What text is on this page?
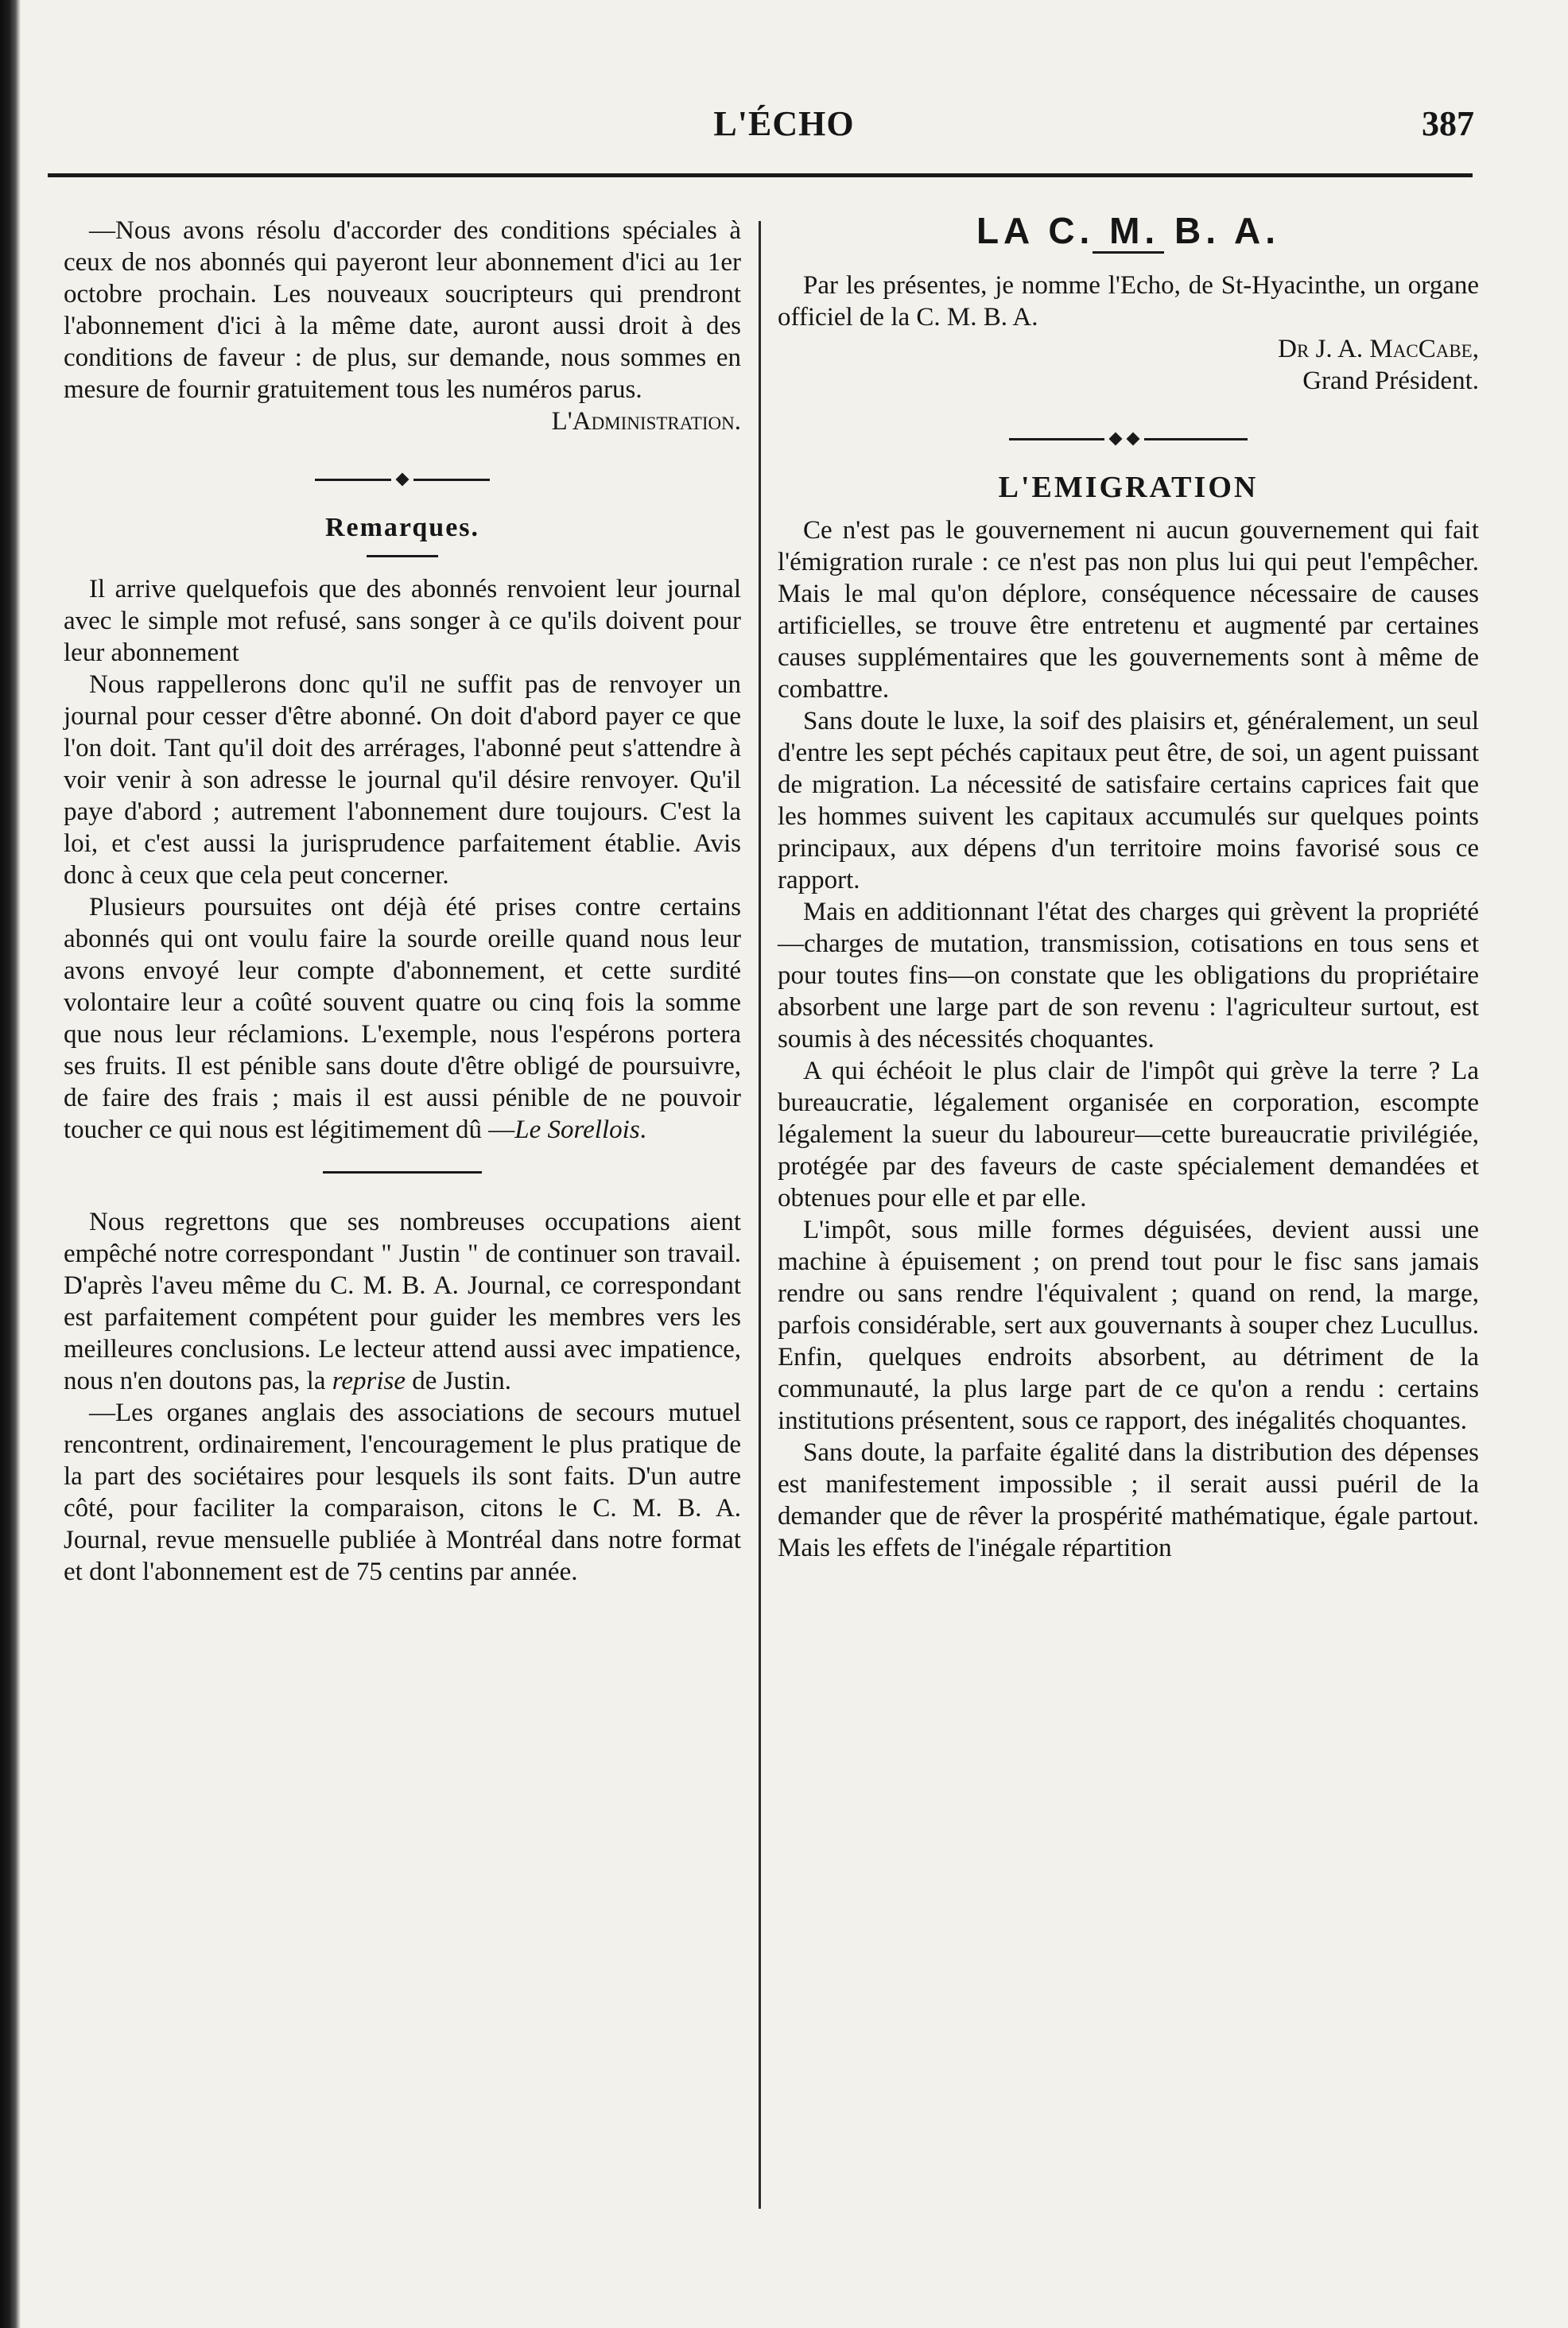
L'ÉCHO	387

—Nous avons résolu d'accorder des conditions spéciales à ceux de nos abonnés qui payeront leur abonnement d'ici au 1er octobre prochain. Les nouveaux soucripteurs qui prendront l'abonnement d'ici à la même date, auront aussi droit à des conditions de faveur : de plus, sur demande, nous sommes en mesure de fournir gratuitement tous les numéros parus.

L'Administration.

Remarques.

Il arrive quelquefois que des abonnés renvoient leur journal avec le simple mot refusé, sans songer à ce qu'ils doivent pour leur abonnement

Nous rappellerons donc qu'il ne suffit pas de renvoyer un journal pour cesser d'être abonné. On doit d'abord payer ce que l'on doit. Tant qu'il doit des arrérages, l'abonné peut s'attendre à voir venir à son adresse le journal qu'il désire renvoyer. Qu'il paye d'abord ; autrement l'abonnement dure toujours. C'est la loi, et c'est aussi la jurisprudence parfaitement établie. Avis donc à ceux que cela peut concerner.

Plusieurs poursuites ont déjà été prises contre certains abonnés qui ont voulu faire la sourde oreille quand nous leur avons envoyé leur compte d'abonnement, et cette surdité volontaire leur a coûté souvent quatre ou cinq fois la somme que nous leur réclamions. L'exemple, nous l'espérons portera ses fruits. Il est pénible sans doute d'être obligé de poursuivre, de faire des frais ; mais il est aussi pénible de ne pouvoir toucher ce qui nous est légitimement dû —Le Sorellois.

Nous regrettons que ses nombreuses occupations aient empêché notre correspondant " Justin " de continuer son travail. D'après l'aveu même du C. M. B. A. Journal, ce correspondant est parfaitement compétent pour guider les membres vers les meilleures conclusions. Le lecteur attend aussi avec impatience, nous n'en doutons pas, la reprise de Justin.

—Les organes anglais des associations de secours mutuel rencontrent, ordinairement, l'encouragement le plus pratique de la part des sociétaires pour lesquels ils sont faits. D'un autre côté, pour faciliter la comparaison, citons le C. M. B. A. Journal, revue mensuelle publiée à Montréal dans notre format et dont l'abonnement est de 75 centins par année.

LA C. M. B. A.

Par les présentes, je nomme l'Echo, de St-Hyacinthe, un organe officiel de la C. M. B. A.

Dr J. A. MacCabe,

Grand Président.

L'EMIGRATION

Ce n'est pas le gouvernement ni aucun gouvernement qui fait l'émigration rurale : ce n'est pas non plus lui qui peut l'empêcher. Mais le mal qu'on déplore, conséquence nécessaire de causes artificielles, se trouve être entretenu et augmenté par certaines causes supplémentaires que les gouvernements sont à même de combattre.

Sans doute le luxe, la soif des plaisirs et, généralement, un seul d'entre les sept péchés capitaux peut être, de soi, un agent puissant de migration. La nécessité de satisfaire certains caprices fait que les hommes suivent les capitaux accumulés sur quelques points principaux, aux dépens d'un territoire moins favorisé sous ce rapport.

Mais en additionnant l'état des charges qui grèvent la propriété—charges de mutation, transmission, cotisations en tous sens et pour toutes fins—on constate que les obligations du propriétaire absorbent une large part de son revenu : l'agriculteur surtout, est soumis à des nécessités choquantes.

A qui échéoit le plus clair de l'impôt qui grève la terre ? La bureaucratie, légalement organisée en corporation, escompte légalement la sueur du laboureur—cette bureaucratie privilégiée, protégée par des faveurs de caste spécialement demandées et obtenues pour elle et par elle.

L'impôt, sous mille formes déguisées, devient aussi une machine à épuisement ; on prend tout pour le fisc sans jamais rendre ou sans rendre l'équivalent ; quand on rend, la marge, parfois considérable, sert aux gouvernants à souper chez Lucullus. Enfin, quelques endroits absorbent, au détriment de la communauté, la plus large part de ce qu'on a rendu : certains institutions présentent, sous ce rapport, des inégalités choquantes.

Sans doute, la parfaite égalité dans la distribution des dépenses est manifestement impossible ; il serait aussi puéril de la demander que de rêver la prospérité mathématique, égale partout. Mais les effets de l'inégale répartition
